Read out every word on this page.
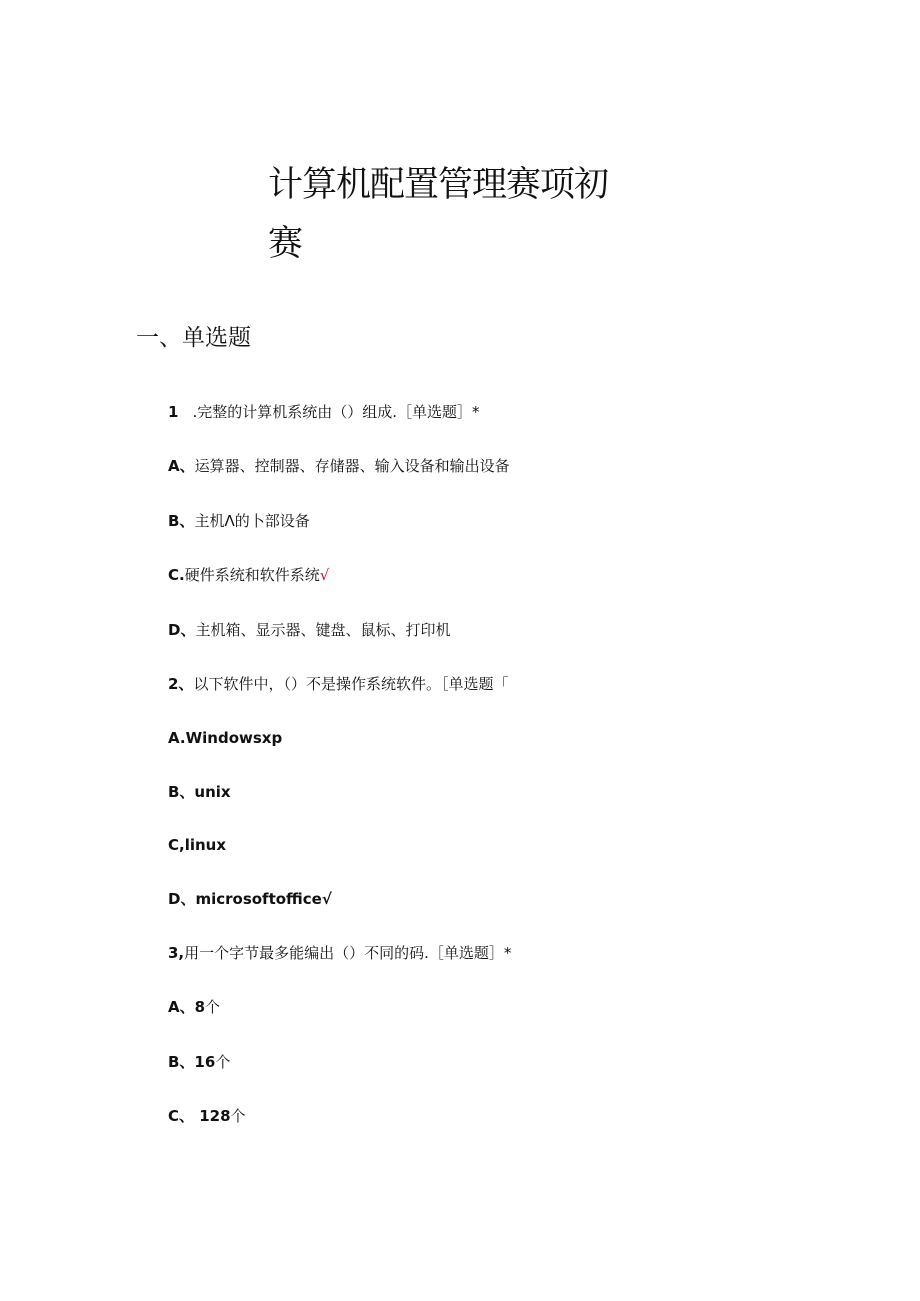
计算机配置管理赛项初
赛
一、单选题
1 .完整的计算机系统由（）组成.［单选题］*
A、运算器、控制器、存储器、输入设备和输出设备
B、主机Λ的卜部设备
C.硬件系统和软件系统√
D、主机箱、显示器、键盘、鼠标、打印机
2、以下软件中，（）不是操作系统软件。［单选题「
A.Windowsxp
B、unix
C,linux
D、microsoftoffice√
3,用一个字节最多能编出（）不同的码.［单选题］*
A、8个
B、16个
C、 128个
